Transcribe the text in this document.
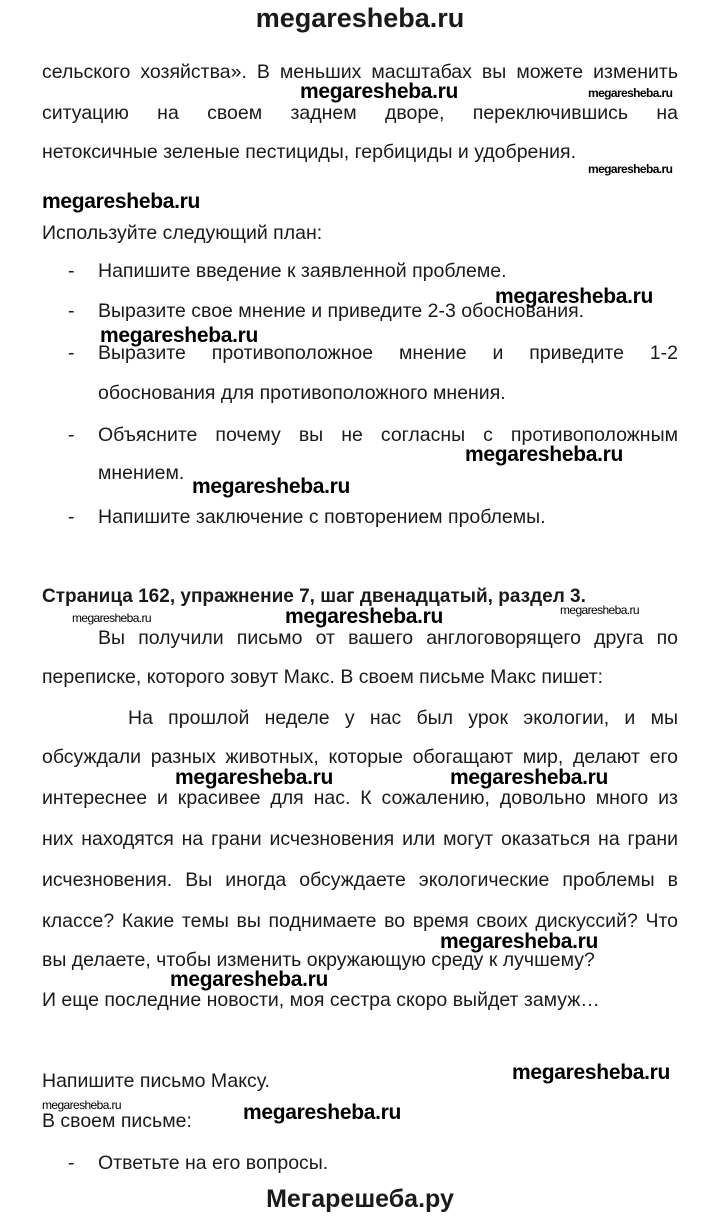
megaresheba.ru
сельского хозяйства». В меньших масштабах вы можете изменить
megaresheba.ru	megaresheba.ru
ситуацию на своем заднем дворе, переключившись на
нетоксичные зеленые пестициды, гербициды и удобрения.
megaresheba.ru
megaresheba.ru
Используйте следующий план:
- Напишите введение к заявленной проблеме.
megaresheba.ru
- Выразите свое мнение и приведите 2-3 обоснования.
megaresheba.ru
- Выразите противоположное мнение и приведите 1-2
обоснования для противоположного мнения.
- Объясните почему вы не согласны с противоположным
megaresheba.ru
мнением.
megaresheba.ru
- Напишите заключение с повторением проблемы.
Страница 162, упражнение 7, шаг двенадцатый, раздел 3.
megaresheba.ru	megaresheba.ru	megaresheba.ru
Вы получили письмо от вашего англоговорящего друга по
переписке, которого зовут Макс. В своем письме Макс пишет:
На прошлой неделе у нас был урок экологии, и мы
обсуждали разных животных, которые обогащают мир, делают его
megaresheba.ru	megaresheba.ru
интереснее и красивее для нас. К сожалению, довольно много из
них находятся на грани исчезновения или могут оказаться на грани
исчезновения. Вы иногда обсуждаете экологические проблемы в
классе? Какие темы вы поднимаете во время своих дискуссий? Что
megaresheba.ru
вы делаете, чтобы изменить окружающую среду к лучшему?
megaresheba.ru
И еще последние новости, моя сестра скоро выйдет замуж…
Напишите письмо Максу.	megaresheba.ru
megaresheba.ru	megaresheba.ru
В своем письме:
- Ответьте на его вопросы.
Мегарешеба.ру
